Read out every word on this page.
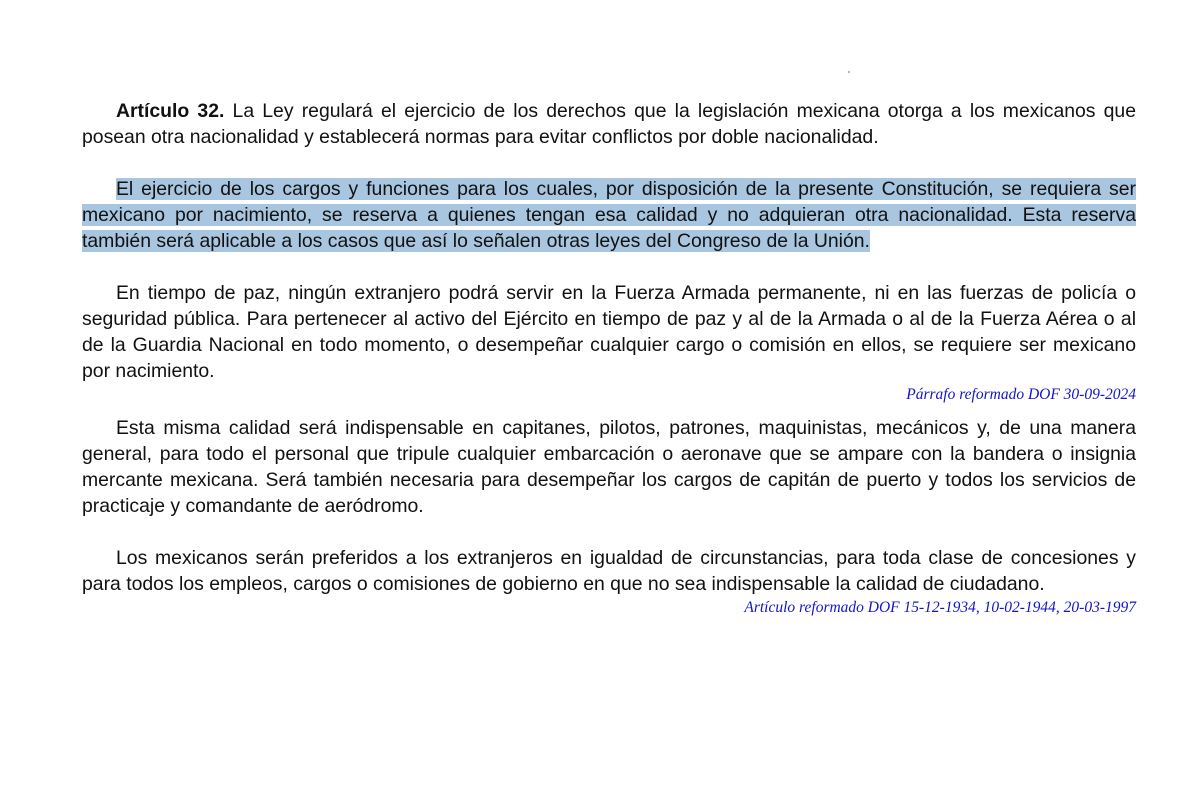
Artículo 32. La Ley regulará el ejercicio de los derechos que la legislación mexicana otorga a los mexicanos que posean otra nacionalidad y establecerá normas para evitar conflictos por doble nacionalidad.

El ejercicio de los cargos y funciones para los cuales, por disposición de la presente Constitución, se requiera ser mexicano por nacimiento, se reserva a quienes tengan esa calidad y no adquieran otra nacionalidad. Esta reserva también será aplicable a los casos que así lo señalen otras leyes del Congreso de la Unión.

En tiempo de paz, ningún extranjero podrá servir en la Fuerza Armada permanente, ni en las fuerzas de policía o seguridad pública. Para pertenecer al activo del Ejército en tiempo de paz y al de la Armada o al de la Fuerza Aérea o al de la Guardia Nacional en todo momento, o desempeñar cualquier cargo o comisión en ellos, se requiere ser mexicano por nacimiento.

Párrafo reformado DOF 30-09-2024

Esta misma calidad será indispensable en capitanes, pilotos, patrones, maquinistas, mecánicos y, de una manera general, para todo el personal que tripule cualquier embarcación o aeronave que se ampare con la bandera o insignia mercante mexicana. Será también necesaria para desempeñar los cargos de capitán de puerto y todos los servicios de practicaje y comandante de aeródromo.

Los mexicanos serán preferidos a los extranjeros en igualdad de circunstancias, para toda clase de concesiones y para todos los empleos, cargos o comisiones de gobierno en que no sea indispensable la calidad de ciudadano.

Artículo reformado DOF 15-12-1934, 10-02-1944, 20-03-1997
